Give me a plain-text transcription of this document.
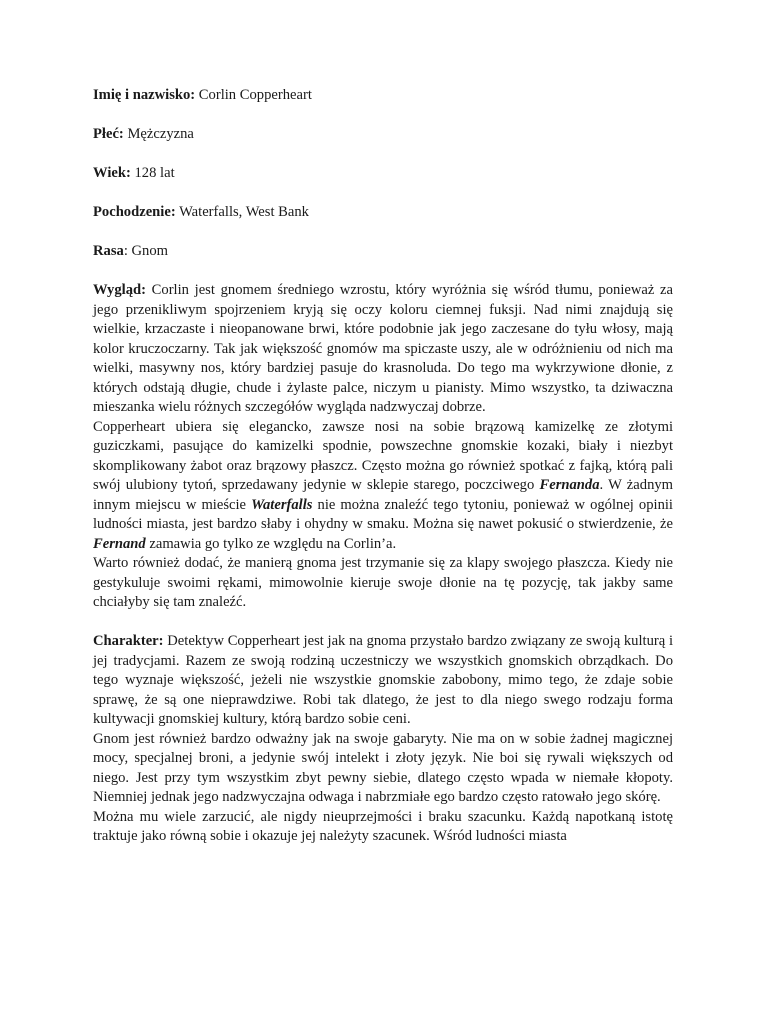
Imię i nazwisko: Corlin Copperheart

Płeć: Mężczyzna

Wiek: 128 lat

Pochodzenie: Waterfalls, West Bank

Rasa: Gnom

Wygląd: Corlin jest gnomem średniego wzrostu, który wyróżnia się wśród tłumu, ponieważ za jego przenikliwym spojrzeniem kryją się oczy koloru ciemnej fuksji. Nad nimi znajdują się wielkie, krzaczaste i nieopanowane brwi, które podobnie jak jego zaczesane do tyłu włosy, mają kolor kruczoczarny. Tak jak większość gnomów ma spiczaste uszy, ale w odróżnieniu od nich ma wielki, masywny nos, który bardziej pasuje do krasnoluda. Do tego ma wykrzywione dłonie, z których odstają długie, chude i żylaste palce, niczym u pianisty. Mimo wszystko, ta dziwaczna mieszanka wielu różnych szczegółów wygląda nadzwyczaj dobrze.

Copperheart ubiera się elegancko, zawsze nosi na sobie brązową kamizelkę ze złotymi guziczkami, pasujące do kamizelki spodnie, powszechne gnomskie kozaki, biały i niezbyt skomplikowany żabot oraz brązowy płaszcz. Często można go również spotkać z fajką, którą pali swój ulubiony tytoń, sprzedawany jedynie w sklepie starego, poczciwego Fernanda. W żadnym innym miejscu w mieście Waterfalls nie można znaleźć tego tytoniu, ponieważ w ogólnej opinii ludności miasta, jest bardzo słaby i ohydny w smaku. Można się nawet pokusić o stwierdzenie, że Fernand zamawia go tylko ze względu na Corlin’a.

Warto również dodać, że manierą gnoma jest trzymanie się za klapy swojego płaszcza. Kiedy nie gestykuluje swoimi rękami, mimowolnie kieruje swoje dłonie na tę pozycję, tak jakby same chciałyby się tam znaleźć.

Charakter: Detektyw Copperheart jest jak na gnoma przystało bardzo związany ze swoją kulturą i jej tradycjami. Razem ze swoją rodziną uczestniczy we wszystkich gnomskich obrządkach. Do tego wyznaje większość, jeżeli nie wszystkie gnomskie zabobony, mimo tego, że zdaje sobie sprawę, że są one nieprawdziwe. Robi tak dlatego, że jest to dla niego swego rodzaju forma kultywacji gnomskiej kultury, którą bardzo sobie ceni.

Gnom jest również bardzo odważny jak na swoje gabaryty. Nie ma on w sobie żadnej magicznej mocy, specjalnej broni, a jedynie swój intelekt i złoty język. Nie boi się rywali większych od niego. Jest przy tym wszystkim zbyt pewny siebie, dlatego często wpada w niemałe kłopoty. Niemniej jednak jego nadzwyczajna odwaga i nabrzmiałe ego bardzo często ratowało jego skórę.

Można mu wiele zarzucić, ale nigdy nieuprzejmości i braku szacunku. Każdą napotkaną istotę traktuje jako równą sobie i okazuje jej należyty szacunek. Wśród ludności miasta
